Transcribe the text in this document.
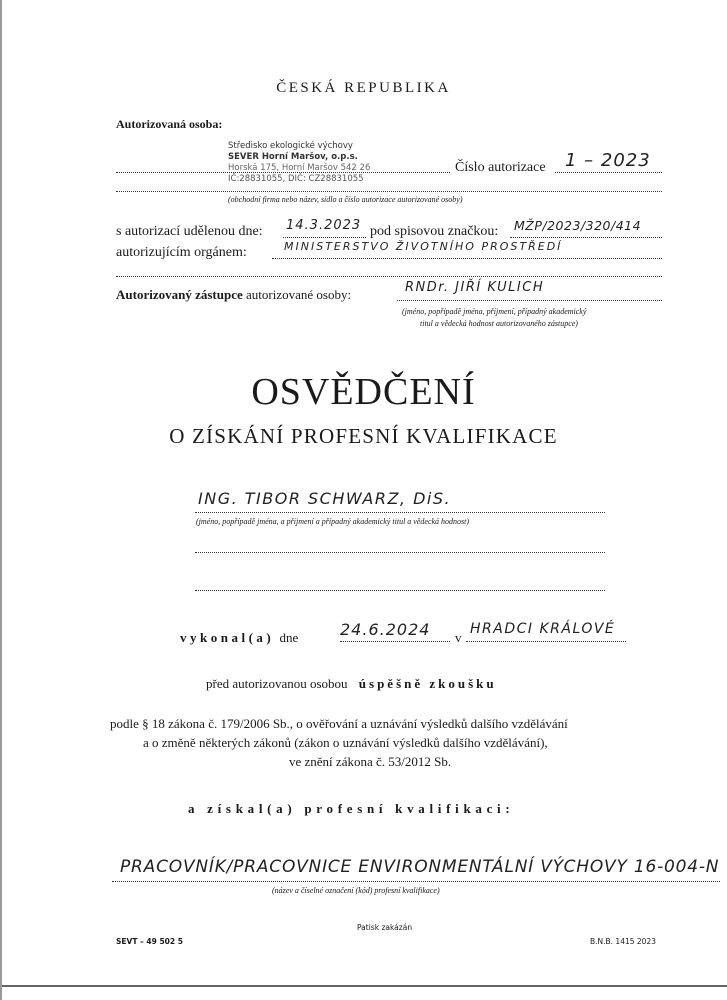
ČESKÁ REPUBLIKA
Autorizovaná osoba:
Středisko ekologické výchovy
SEVER Horní Maršov, o.p.s.
Horská 175, Horní Maršov 542 26
IČ:28831055, DIČ: CZ28831055
Číslo autorizace 1 – 2023
(obchodní firma nebo název, sídlo a číslo autorizace autorizované osoby)
s autorizací udělenou dne: 14.3.2023 pod spisovou značkou: MŽP/2023/320/414
autorizujícím orgánem:	MINISTERSTVO ŽIVOTNÍHO PROSTŘEDÍ
Autorizovaný zástupce autorizované osoby:	RNDr. JIŘÍ KULICH
(jméno, popřípadě jména, příjmení, případný akademický
titul a vědecká hodnost autorizovaného zástupce)
OSVĚDČENÍ
O ZÍSKÁNÍ PROFESNÍ KVALIFIKACE
ING. TIBOR SCHWARZ, DiS.
(jméno, popřípadě jména, a příjmení a případný akademický titul a vědecká hodnost)
vykonal(a) dne	24.6.2024 v
HRADCI KRÁLOVÉ
před autorizovanou osobou úspěšně zkoušku
podle § 18 zákona č. 179/2006 Sb., o ověřování a uznávání výsledků dalšího vzdělávání
a o změně některých zákonů (zákon o uznávání výsledků dalšího vzdělávání),
ve znění zákona č. 53/2012 Sb.
a získal(a) profesní kvalifikaci:
PRACOVNÍK/PRACOVNICE ENVIRONMENTÁLNÍ VÝCHOVY 16-004-N
(název a číselné označení (kód) profesní kvalifikace)
Patisk zakázán
SEVT – 49 502 5	B.N.B. 1415 2023
